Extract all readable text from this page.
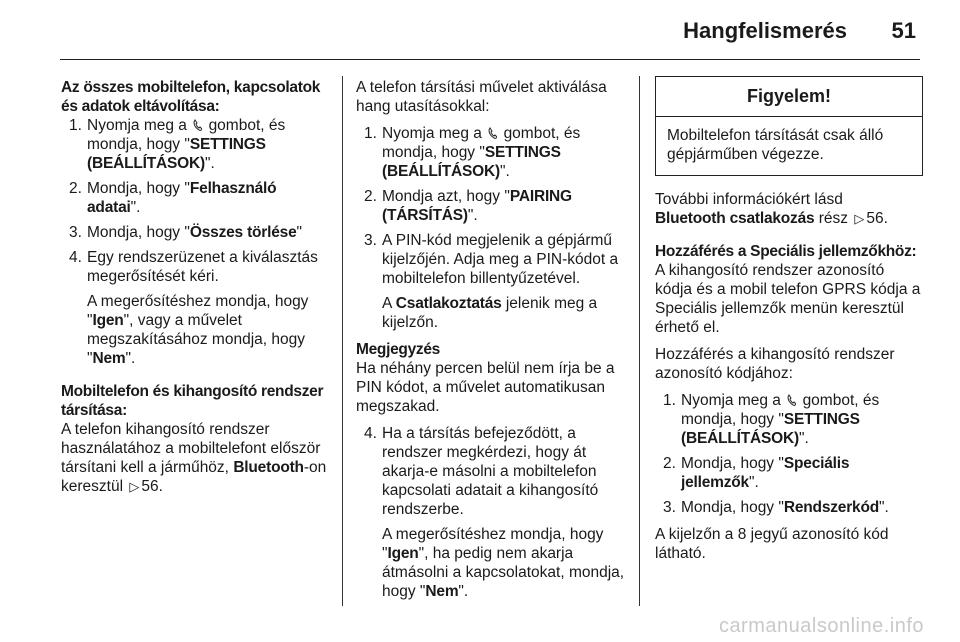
Hangfelismerés 51

Az összes mobiltelefon, kapcsolatok és adatok eltávolítása:

1. Nyomja meg a gombot, és mondja, hogy "SETTINGS (BEÁLLÍTÁSOK)".
2. Mondja, hogy "Felhasználó adatai".
3. Mondja, hogy "Összes törlése"
4. Egy rendszerüzenet a kiválasztás megerősítését kéri.
A megerősítéshez mondja, hogy "Igen", vagy a művelet megszakításához mondja, hogy "Nem".

Mobiltelefon és kihangosító rendszer társítása:

A telefon kihangosító rendszer használatához a mobiltelefont először társítani kell a járműhöz, Bluetooth-on keresztül ▷ 56.

A telefon társítási művelet aktiválása hang utasításokkal:

1. Nyomja meg a gombot, és mondja, hogy "SETTINGS (BEÁLLÍTÁSOK)".
2. Mondja azt, hogy "PAIRING (TÁRSÍTÁS)".
3. A PIN-kód megjelenik a gépjármű kijelzőjén. Adja meg a PIN-kódot a mobiltelefon billentyűzetével.
A Csatlakoztatás jelenik meg a kijelzőn.

Megjegyzés

Ha néhány percen belül nem írja be a PIN kódot, a művelet automatikusan megszakad.

4. Ha a társítás befejeződött, a rendszer megkérdezi, hogy át akarja-e másolni a mobiltelefon kapcsolati adatait a kihangosító rendszerbe.
A megerősítéshez mondja, hogy "Igen", ha pedig nem akarja átmásolni a kapcsolatokat, mondja, hogy "Nem".
Figyelem!
Mobiltelefon társítását csak álló gépjárműben végezze.

További információkért lásd
Bluetooth csatlakozás rész ▷ 56.

Hozzáférés a Speciális jellemzőkhöz:

A kihangosító rendszer azonosító kódja és a mobil telefon GPRS kódja a Speciális jellemzők menün keresztül érhető el.

Hozzáférés a kihangosító rendszer azonosító kódjához:

1. Nyomja meg a gombot, és mondja, hogy "SETTINGS (BEÁLLÍTÁSOK)".
2. Mondja, hogy "Speciális jellemzők".
3. Mondja, hogy "Rendszerkód".

A kijelzőn a 8 jegyű azonosító kód látható.

carmanualsonline.info
